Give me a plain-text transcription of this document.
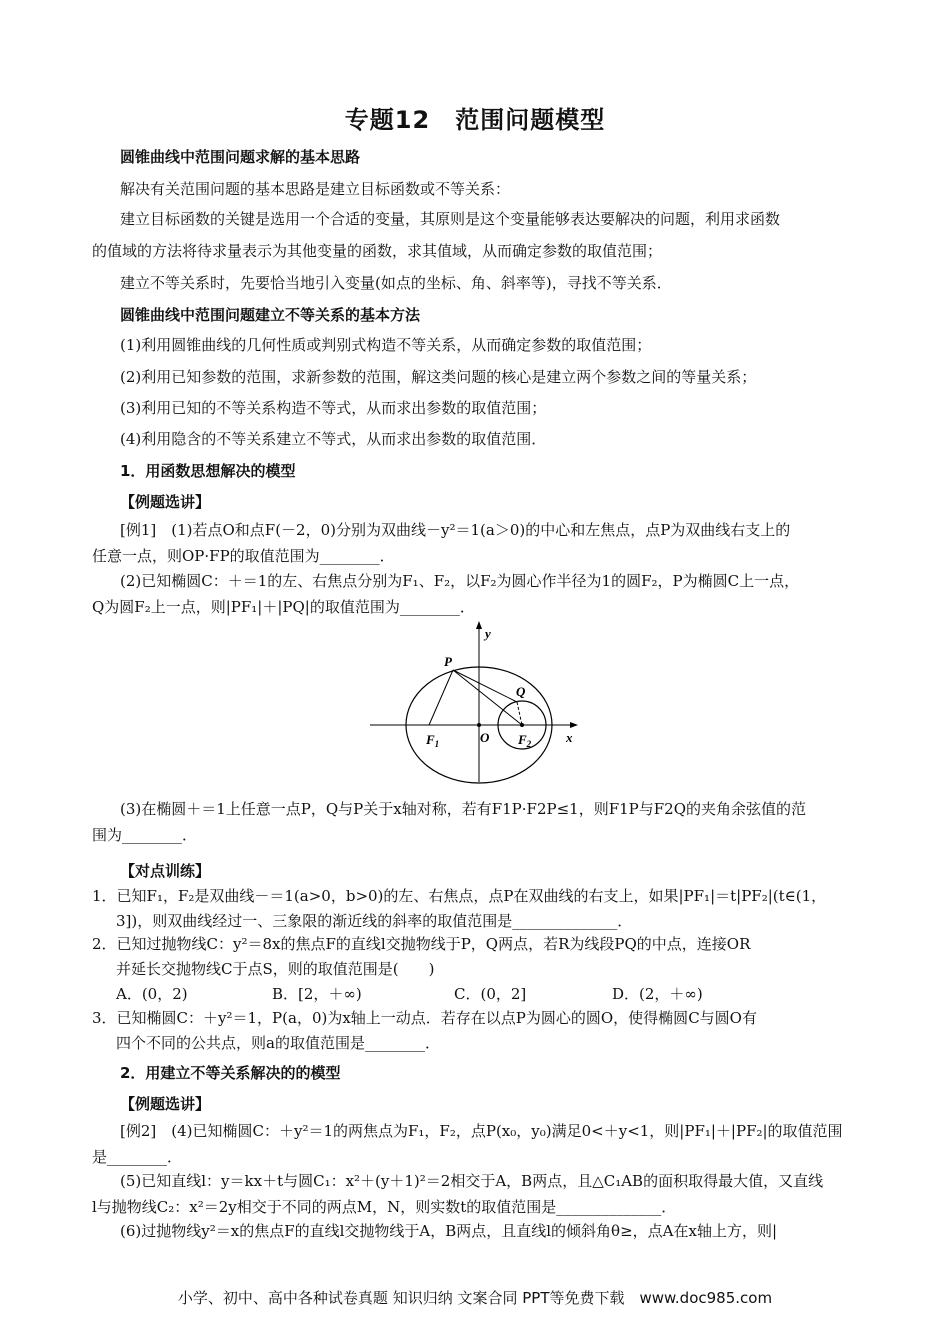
专题12　范围问题模型
圆锥曲线中范围问题求解的基本思路
解决有关范围问题的基本思路是建立目标函数或不等关系：
建立目标函数的关键是选用一个合适的变量，其原则是这个变量能够表达要解决的问题，利用求函数
的值域的方法将待求量表示为其他变量的函数，求其值域，从而确定参数的取值范围；
建立不等关系时，先要恰当地引入变量(如点的坐标、角、斜率等)，寻找不等关系．
圆锥曲线中范围问题建立不等关系的基本方法
(1)利用圆锥曲线的几何性质或判别式构造不等关系，从而确定参数的取值范围；
(2)利用已知参数的范围，求新参数的范围，解这类问题的核心是建立两个参数之间的等量关系；
(3)利用已知的不等关系构造不等式，从而求出参数的取值范围；
(4)利用隐含的不等关系建立不等式，从而求出参数的取值范围．
1．用函数思想解决的模型
【例题选讲】
[例1]　(1)若点O和点F(－2，0)分别为双曲线－y²＝1(a＞0)的中心和左焦点，点P为双曲线右支上的
任意一点，则OP·FP的取值范围为________．
(2)已知椭圆C：＋＝1的左、右焦点分别为F₁、F₂，以F₂为圆心作半径为1的圆F₂，P为椭圆C上一点，
Q为圆F₂上一点，则|PF₁|＋|PQ|的取值范围为________．
y
x
O
P
Q
$F_1$	$F_2$
(3)在椭圆＋＝1上任意一点P，Q与P关于x轴对称，若有F1P·F2P≤1，则F1P与F2Q的夹角余弦值的范
围为________．
【对点训练】
1．已知F₁，F₂是双曲线－＝1(a>0，b>0)的左、右焦点，点P在双曲线的右支上，如果|PF₁|＝t|PF₂|(t∈(1，
3])，则双曲线经过一、三象限的渐近线的斜率的取值范围是______________．
2．已知过抛物线C：y²＝8x的焦点F的直线l交抛物线于P，Q两点，若R为线段PQ的中点，连接OR
并延长交抛物线C于点S，则的取值范围是(　　)
A．(0，2)	B．[2，＋∞)	C．(0，2]	D．(2，＋∞)
3．已知椭圆C：＋y²＝1，P(a，0)为x轴上一动点．若存在以点P为圆心的圆O，使得椭圆C与圆O有
四个不同的公共点，则a的取值范围是________．
2．用建立不等关系解决的的模型
【例题选讲】
[例2]　(4)已知椭圆C：＋y²＝1的两焦点为F₁，F₂，点P(x₀，y₀)满足0<＋y<1，则|PF₁|＋|PF₂|的取值范围
是________．
(5)已知直线l：y＝kx＋t与圆C₁：x²＋(y＋1)²＝2相交于A，B两点，且△C₁AB的面积取得最大值，又直线
l与抛物线C₂：x²＝2y相交于不同的两点M，N，则实数t的取值范围是______________．
(6)过抛物线y²＝x的焦点F的直线l交抛物线于A，B两点，且直线l的倾斜角θ≥，点A在x轴上方，则|
小学、初中、高中各种试卷真题 知识归纳 文案合同 PPT等免费下载　www.doc985.com
